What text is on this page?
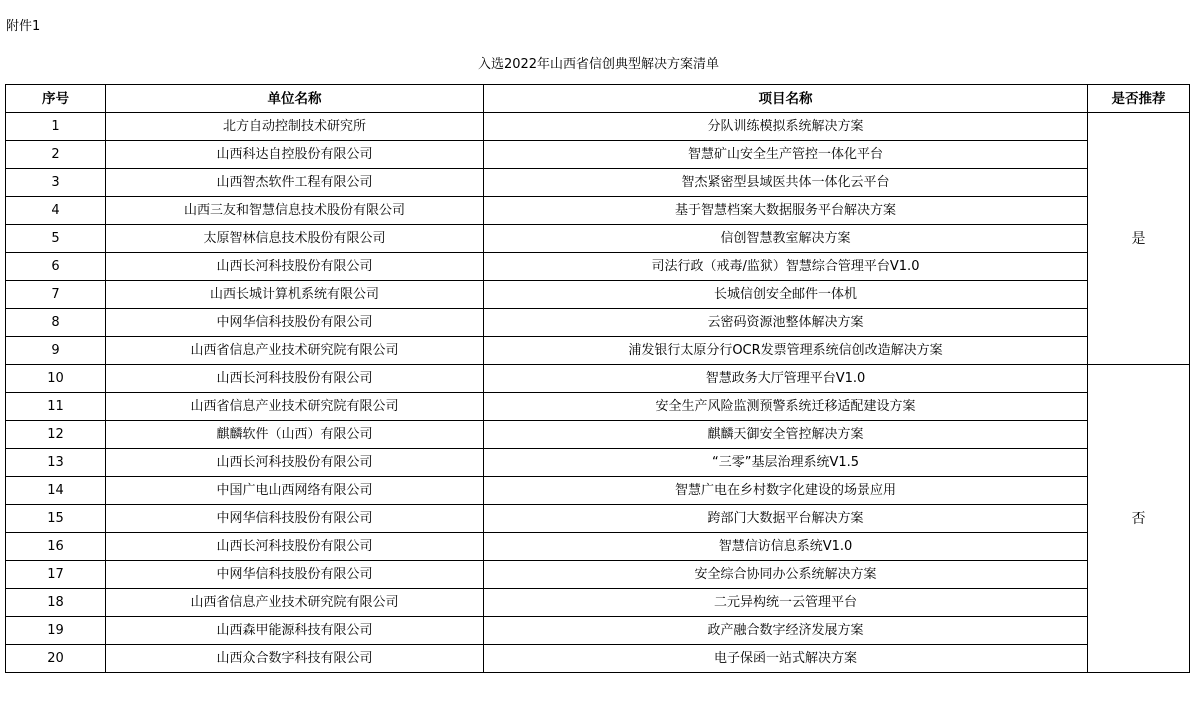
附件1
入选2022年山西省信创典型解决方案清单
序号	单位名称	项目名称	是否推荐
1	北方自动控制技术研究所	分队训练模拟系统解决方案	是
2	山西科达自控股份有限公司	智慧矿山安全生产管控一体化平台	
3	山西智杰软件工程有限公司	智杰紧密型县域医共体一体化云平台	
4	山西三友和智慧信息技术股份有限公司	基于智慧档案大数据服务平台解决方案	
5	太原智林信息技术股份有限公司	信创智慧教室解决方案	
6	山西长河科技股份有限公司	司法行政（戒毒/监狱）智慧综合管理平台V1.0	
7	山西长城计算机系统有限公司	长城信创安全邮件一体机	
8	中网华信科技股份有限公司	云密码资源池整体解决方案	
9	山西省信息产业技术研究院有限公司	浦发银行太原分行OCR发票管理系统信创改造解决方案	
10	山西长河科技股份有限公司	智慧政务大厅管理平台V1.0	否
11	山西省信息产业技术研究院有限公司	安全生产风险监测预警系统迁移适配建设方案	
12	麒麟软件（山西）有限公司	麒麟天御安全管控解决方案	
13	山西长河科技股份有限公司	“三零”基层治理系统V1.5	
14	中国广电山西网络有限公司	智慧广电在乡村数字化建设的场景应用	
15	中网华信科技股份有限公司	跨部门大数据平台解决方案	
16	山西长河科技股份有限公司	智慧信访信息系统V1.0	
17	中网华信科技股份有限公司	安全综合协同办公系统解决方案	
18	山西省信息产业技术研究院有限公司	二元异构统一云管理平台	
19	山西森甲能源科技有限公司	政产融合数字经济发展方案	
20	山西众合数字科技有限公司	电子保函一站式解决方案	
